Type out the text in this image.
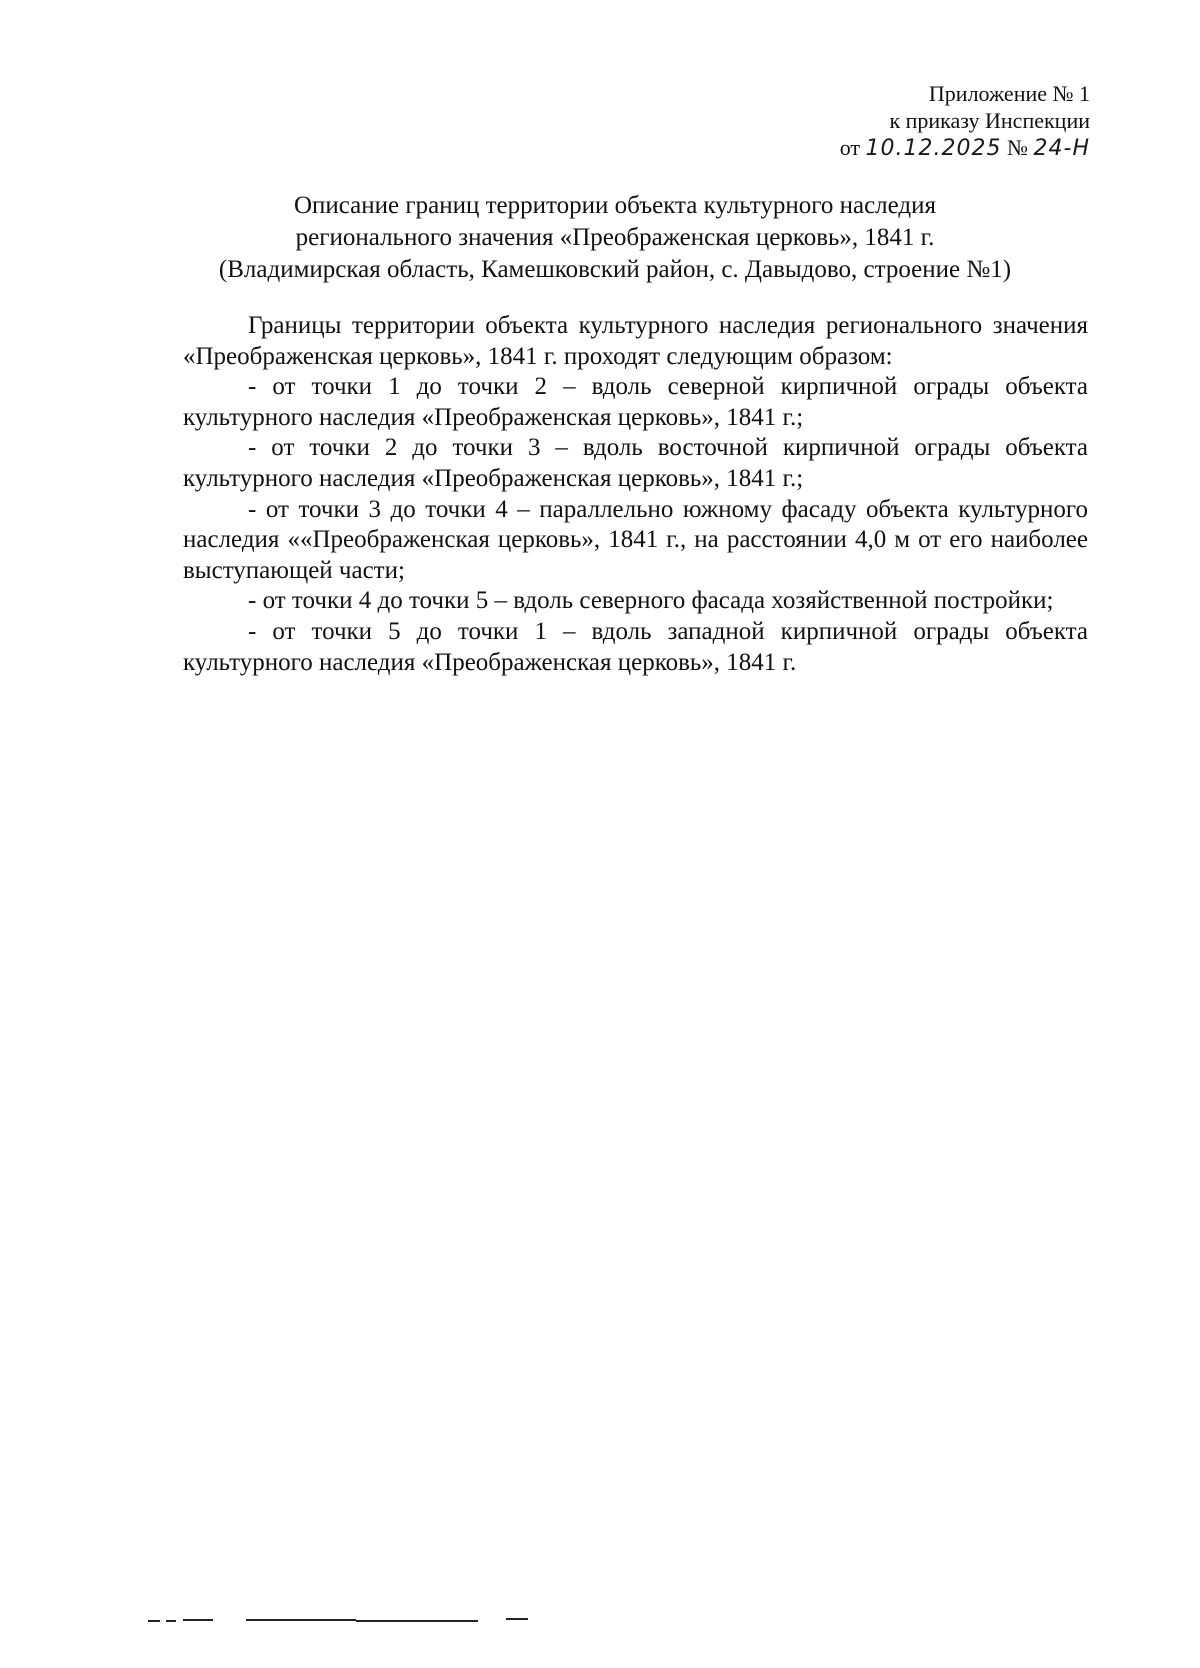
Приложение № 1
к приказу Инспекции
от 10.12.2025 № 24-Н
Описание границ территории объекта культурного наследия
регионального значения «Преображенская церковь», 1841 г.
(Владимирская область, Камешковский район, с. Давыдово, строение №1)

Границы территории объекта культурного наследия регионального значения «Преображенская церковь», 1841 г. проходят следующим образом:

- от точки 1 до точки 2 – вдоль северной кирпичной ограды объекта культурного наследия «Преображенская церковь», 1841 г.;

- от точки 2 до точки 3 – вдоль восточной кирпичной ограды объекта культурного наследия «Преображенская церковь», 1841 г.;

- от точки 3 до точки 4 – параллельно южному фасаду объекта культурного наследия ««Преображенская церковь», 1841 г., на расстоянии 4,0 м от его наиболее выступающей части;

- от точки 4 до точки 5 – вдоль северного фасада хозяйственной постройки;

- от точки 5 до точки 1 – вдоль западной кирпичной ограды объекта культурного наследия «Преображенская церковь», 1841 г.
